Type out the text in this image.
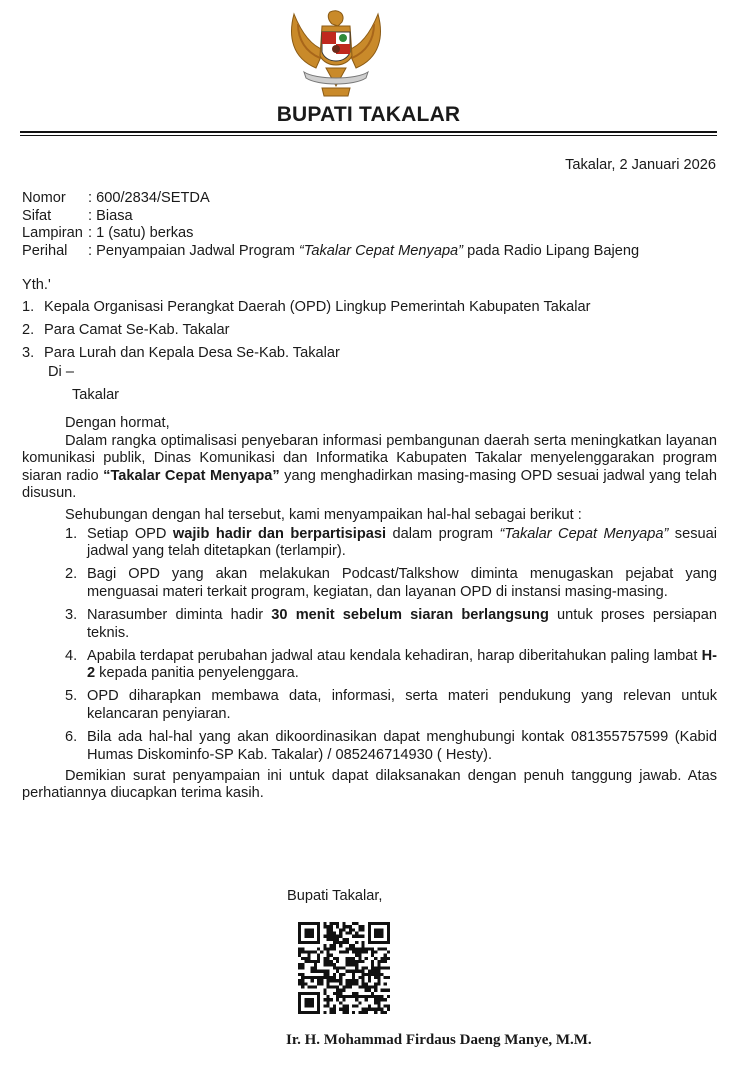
BUPATI TAKALAR
Takalar, 2 Januari 2026
Nomor	: 600/2834/SETDA
Sifat	: Biasa
Lampiran : 1 (satu) berkas
Perihal	: Penyampaian Jadwal Program “Takalar Cepat Menyapa” pada Radio Lipang Bajeng
Yth.'
1. Kepala Organisasi Perangkat Daerah (OPD) Lingkup Pemerintah Kabupaten Takalar
2. Para Camat Se-Kab. Takalar
3. Para Lurah dan Kepala Desa Se-Kab. Takalar
Di –
Takalar
Dengan hormat,
Dalam rangka optimalisasi penyebaran informasi pembangunan daerah serta meningkatkan layanan komunikasi publik, Dinas Komunikasi dan Informatika Kabupaten Takalar menyelenggarakan program siaran radio “Takalar Cepat Menyapa” yang menghadirkan masing-masing OPD sesuai jadwal yang telah disusun.
Sehubungan dengan hal tersebut, kami menyampaikan hal-hal sebagai berikut :
1. Setiap OPD wajib hadir dan berpartisipasi dalam program “Takalar Cepat Menyapa” sesuai jadwal yang telah ditetapkan (terlampir).
2. Bagi OPD yang akan melakukan Podcast/Talkshow diminta menugaskan pejabat yang menguasai materi terkait program, kegiatan, dan layanan OPD di instansi masing-masing.
3. Narasumber diminta hadir 30 menit sebelum siaran berlangsung untuk proses persiapan teknis.
4. Apabila terdapat perubahan jadwal atau kendala kehadiran, harap diberitahukan paling lambat H-2 kepada panitia penyelenggara.
5. OPD diharapkan membawa data, informasi, serta materi pendukung yang relevan untuk kelancaran penyiaran.
6. Bila ada hal-hal yang akan dikoordinasikan dapat menghubungi kontak 081355757599 (Kabid Humas Diskominfo-SP Kab. Takalar) / 085246714930 ( Hesty).
Demikian surat penyampaian ini untuk dapat dilaksanakan dengan penuh tanggung jawab. Atas perhatiannya diucapkan terima kasih.
Bupati Takalar,
Ir. H. Mohammad Firdaus Daeng Manye, M.M.
